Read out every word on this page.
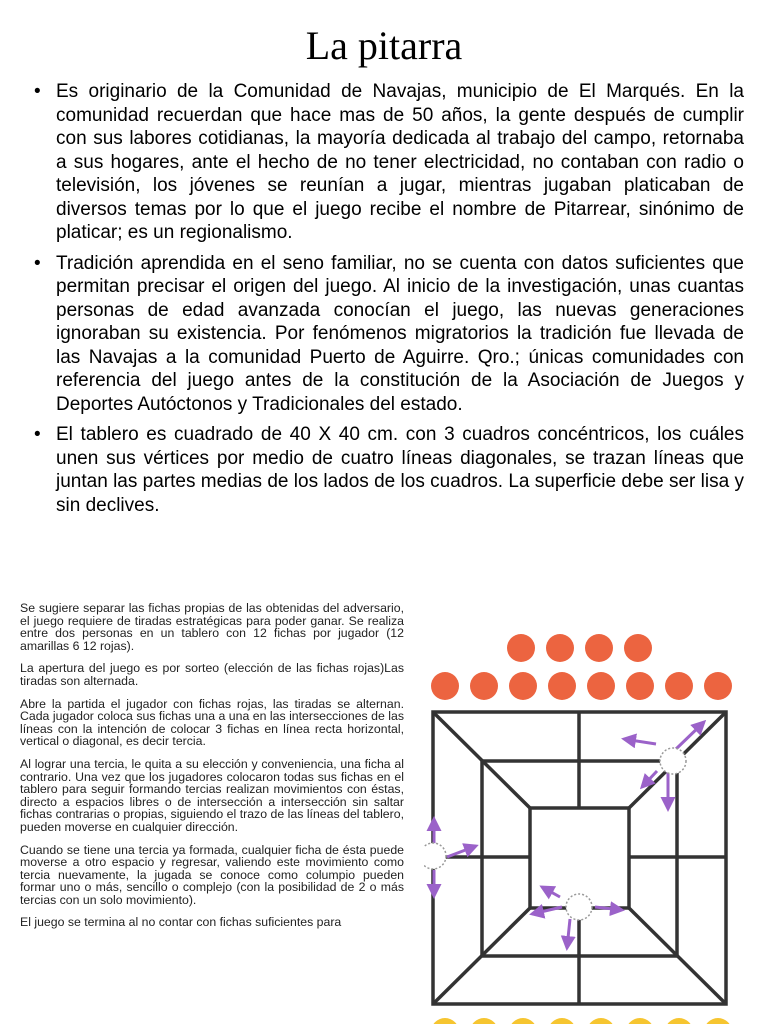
La pitarra
• Es originario de la Comunidad de Navajas, municipio de El Marqués. En la comunidad recuerdan que hace mas de 50 años, la gente después de cumplir con sus labores cotidianas, la mayoría dedicada al trabajo del campo, retornaba a sus hogares, ante el hecho de no tener electricidad, no contaban con radio o televisión, los jóvenes se reunían a jugar, mientras jugaban platicaban de diversos temas por lo que el juego recibe el nombre de Pitarrear, sinónimo de platicar; es un regionalismo.
• Tradición aprendida en el seno familiar, no se cuenta con datos suficientes que permitan precisar el origen del juego. Al inicio de la investigación, unas cuantas personas de edad avanzada conocían el juego, las nuevas generaciones ignoraban su existencia. Por fenómenos migratorios la tradición fue llevada de las Navajas a la comunidad Puerto de Aguirre. Qro.; únicas comunidades con referencia del juego antes de la constitución de la Asociación de Juegos y Deportes Autóctonos y Tradicionales del estado.
• El tablero es cuadrado de 40 X 40 cm. con 3 cuadros concéntricos, los cuáles unen sus vértices por medio de cuatro líneas diagonales, se trazan líneas que juntan las partes medias de los lados de los cuadros. La superficie debe ser lisa y sin declives.

Se sugiere separar las fichas propias de las obtenidas del adversario, el juego requiere de tiradas estratégicas para poder ganar. Se realiza entre dos personas en un tablero con 12 fichas por jugador (12 amarillas 6 12 rojas).

La apertura del juego es por sorteo (elección de las fichas rojas)Las tiradas son alternada.

Abre la partida el jugador con fichas rojas, las tiradas se alternan. Cada jugador coloca sus fichas una a una en las intersecciones de las líneas con la intención de colocar 3 fichas en línea recta horizontal, vertical o diagonal, es decir tercia.

Al lograr una tercia, le quita a su elección y conveniencia, una ficha al contrario. Una vez que los jugadores colocaron todas sus fichas en el tablero para seguir formando tercias realizan movimientos con éstas, directo a espacios libres o de intersección a intersección sin saltar fichas contrarias o propias, siguiendo el trazo de las líneas del tablero, pueden moverse en cualquier dirección.

Cuando se tiene una tercia ya formada, cualquier ficha de ésta puede moverse a otro espacio y regresar, valiendo este movimiento como tercia nuevamente, la jugada se conoce como columpio pueden formar uno o más, sencillo o complejo (con la posibilidad de 2 o más tercias con un solo movimiento).

El juego se termina al no contar con fichas suficientes para
